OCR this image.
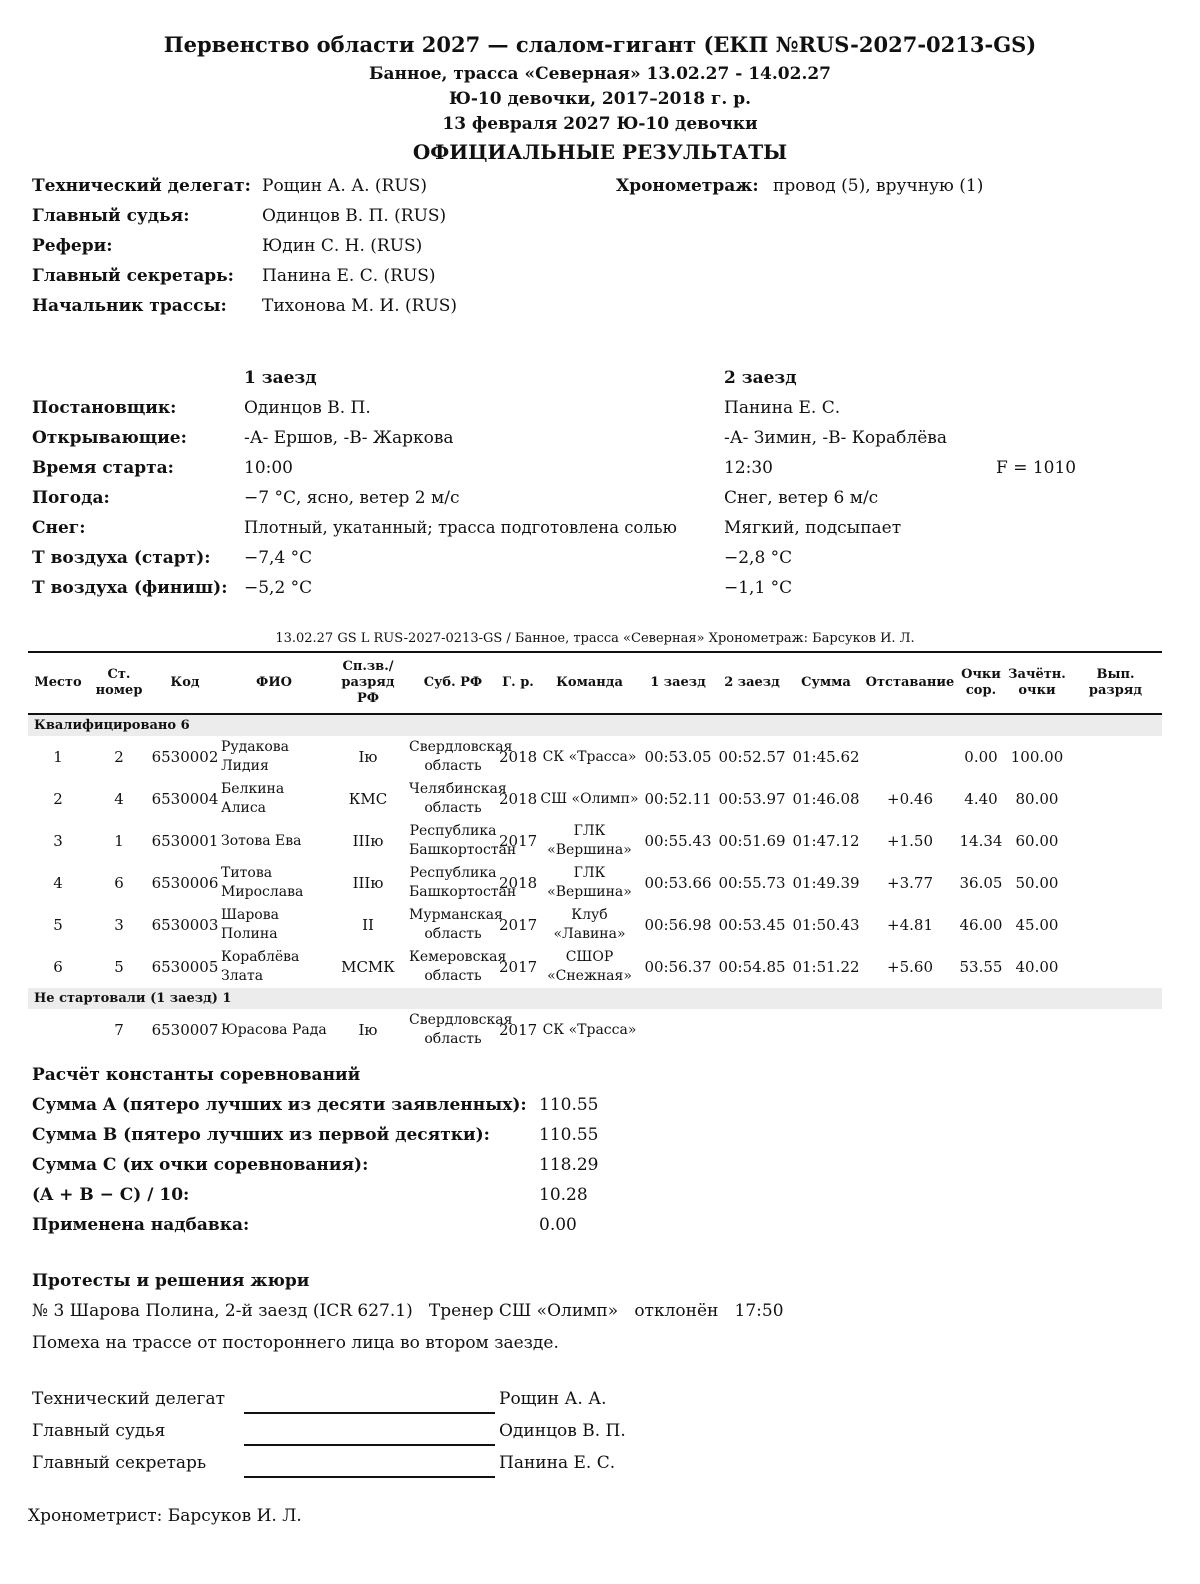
Первенство области 2027 — слалом-гигант (ЕКП №RUS-2027-0213-GS)
Банное, трасса «Северная» 13.02.27 - 14.02.27
Ю-10 девочки, 2017–2018 г. р.
13 февраля 2027 Ю-10 девочки
ОФИЦИАЛЬНЫЕ РЕЗУЛЬТАТЫ
Технический делегат: Рощин А. А. (RUS)
Главный судья:	Одинцов В. П. (RUS)
Рефери:	Юдин С. Н. (RUS)
Главный секретарь: Панина Е. С. (RUS)
Начальник трассы: Тихонова М. И. (RUS)
Хронометраж: провод (5), вручную (1)
1 заезд	2 заезд
Постановщик:	Одинцов В. П.	Панина Е. С.
Открывающие:	-А- Ершов, -В- Жаркова	-А- Зимин, -В- Кораблёва
Время старта:	10:00	12:30	F = 1010
Погода:	−7 °С, ясно, ветер 2 м/с	Снег, ветер 6 м/с
Снег:	Плотный, укатанный; трасса подготовлена солью	Мягкий, подсыпает
Т воздуха (старт): −7,4 °С	−2,8 °С
Т воздуха (финиш): −5,2 °С	−1,1 °С
13.02.27 GS L RUS-2027-0213-GS / Банное, трасса «Северная» Хронометраж: Барсуков И. Л.
Место	Ст. номер	Код	ФИО	Сп.зв./ разряд РФ	Суб. РФ	Г. р.	Команда	1 заезд	2 заезд	Сумма	Отставание	Очки сор.	Зачётн. очки	Вып. разряд
Квалифицировано 6														
1	2	6530002	Рудакова Лидия	Iю	Свердловская область	2018	СК «Трасса»	00:53.05	00:52.57	01:45.62		0.00	100.00	
2	4	6530004	Белкина Алиса	КМС	Челябинская область	2018	СШ «Олимп»	00:52.11	00:53.97	01:46.08	+0.46	4.40	80.00	
3	1	6530001	Зотова Ева	IIIю	Республика Башкортостан	2017	ГЛК «Вершина»	00:55.43	00:51.69	01:47.12	+1.50	14.34	60.00	
4	6	6530006	Титова Мирослава	IIIю	Республика Башкортостан	2018	ГЛК «Вершина»	00:53.66	00:55.73	01:49.39	+3.77	36.05	50.00	
5	3	6530003	Шарова Полина	II	Мурманская область	2017	Клуб «Лавина»	00:56.98	00:53.45	01:50.43	+4.81	46.00	45.00	
6	5	6530005	Кораблёва Злата	МСМК	Кемеровская область	2017	СШОР «Снежная»	00:56.37	00:54.85	01:51.22	+5.60	53.55	40.00	
Не стартовали (1 заезд) 1														
	7	6530007	Юрасова Рада	Iю	Свердловская область	2017	СК «Трасса»							
Расчёт константы соревнований
Сумма A (пятеро лучших из десяти заявленных): 110.55
Сумма B (пятеро лучших из первой десятки):	110.55
Сумма C (их очки соревнования):	118.29
(A + B − C) / 10:	10.28
Применена надбавка:	0.00
Протесты и решения жюри
№ 3 Шарова Полина, 2-й заезд (ICR 627.1)   Тренер СШ «Олимп»   отклонён   17:50
Помеха на трассе от постороннего лица во втором заезде.
Технический делегат	Рощин А. А.
Главный судья	Одинцов В. П.
Главный секретарь	Панина Е. С.
Хронометрист: Барсуков И. Л.
